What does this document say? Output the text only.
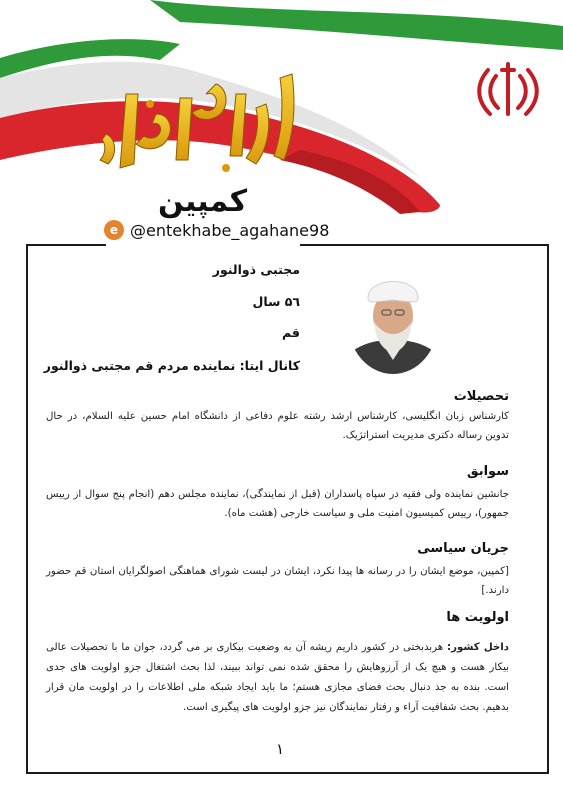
کمپین
e @entekhabe_agahane98
مجتبی ذوالنور
۵٦ سال
قم
کانال ایتا: نماینده مردم قم مجتبی ذوالنور
تحصیلات
کارشناس زبان انگلیسی، کارشناس ارشد رشته علوم دفاعی از دانشگاه امام حسین علیه السلام، در حال تدوین رساله دکتری مدیریت استراتژیک.
سوابق
جانشین نماینده ولی فقیه در سپاه پاسداران (قبل از نمایندگی)، نماینده مجلس دهم (انجام پنج سوال از رییس جمهور)، رییس کمیسیون امنیت ملی و سیاست خارجی (هشت ماه).
جریان سیاسی
[کمپین، موضع ایشان را در رسانه ها پیدا نکرد، ایشان در لیست شورای هماهنگی اصولگرایان استان قم حضور دارند.]
اولویت ها
داخل کشور: هربدبختی در کشور داریم ریشه آن به وضعیت بیکاری بر می گردد، جوان ما با تحصیلات عالی بیکار هست و هیچ یک از آرزوهایش را محقق شده نمی تواند ببیند، لذا بحث اشتغال جزو اولویت های جدی است. بنده به جد دنبال بحث فضای مجازی هستم؛ ما باید ایجاد شبکه ملی اطلاعات را در اولویت مان قرار بدهیم. بحث شفافیت آراء و رفتار نمایندگان نیز جزو اولویت های پیگیری است.
١
